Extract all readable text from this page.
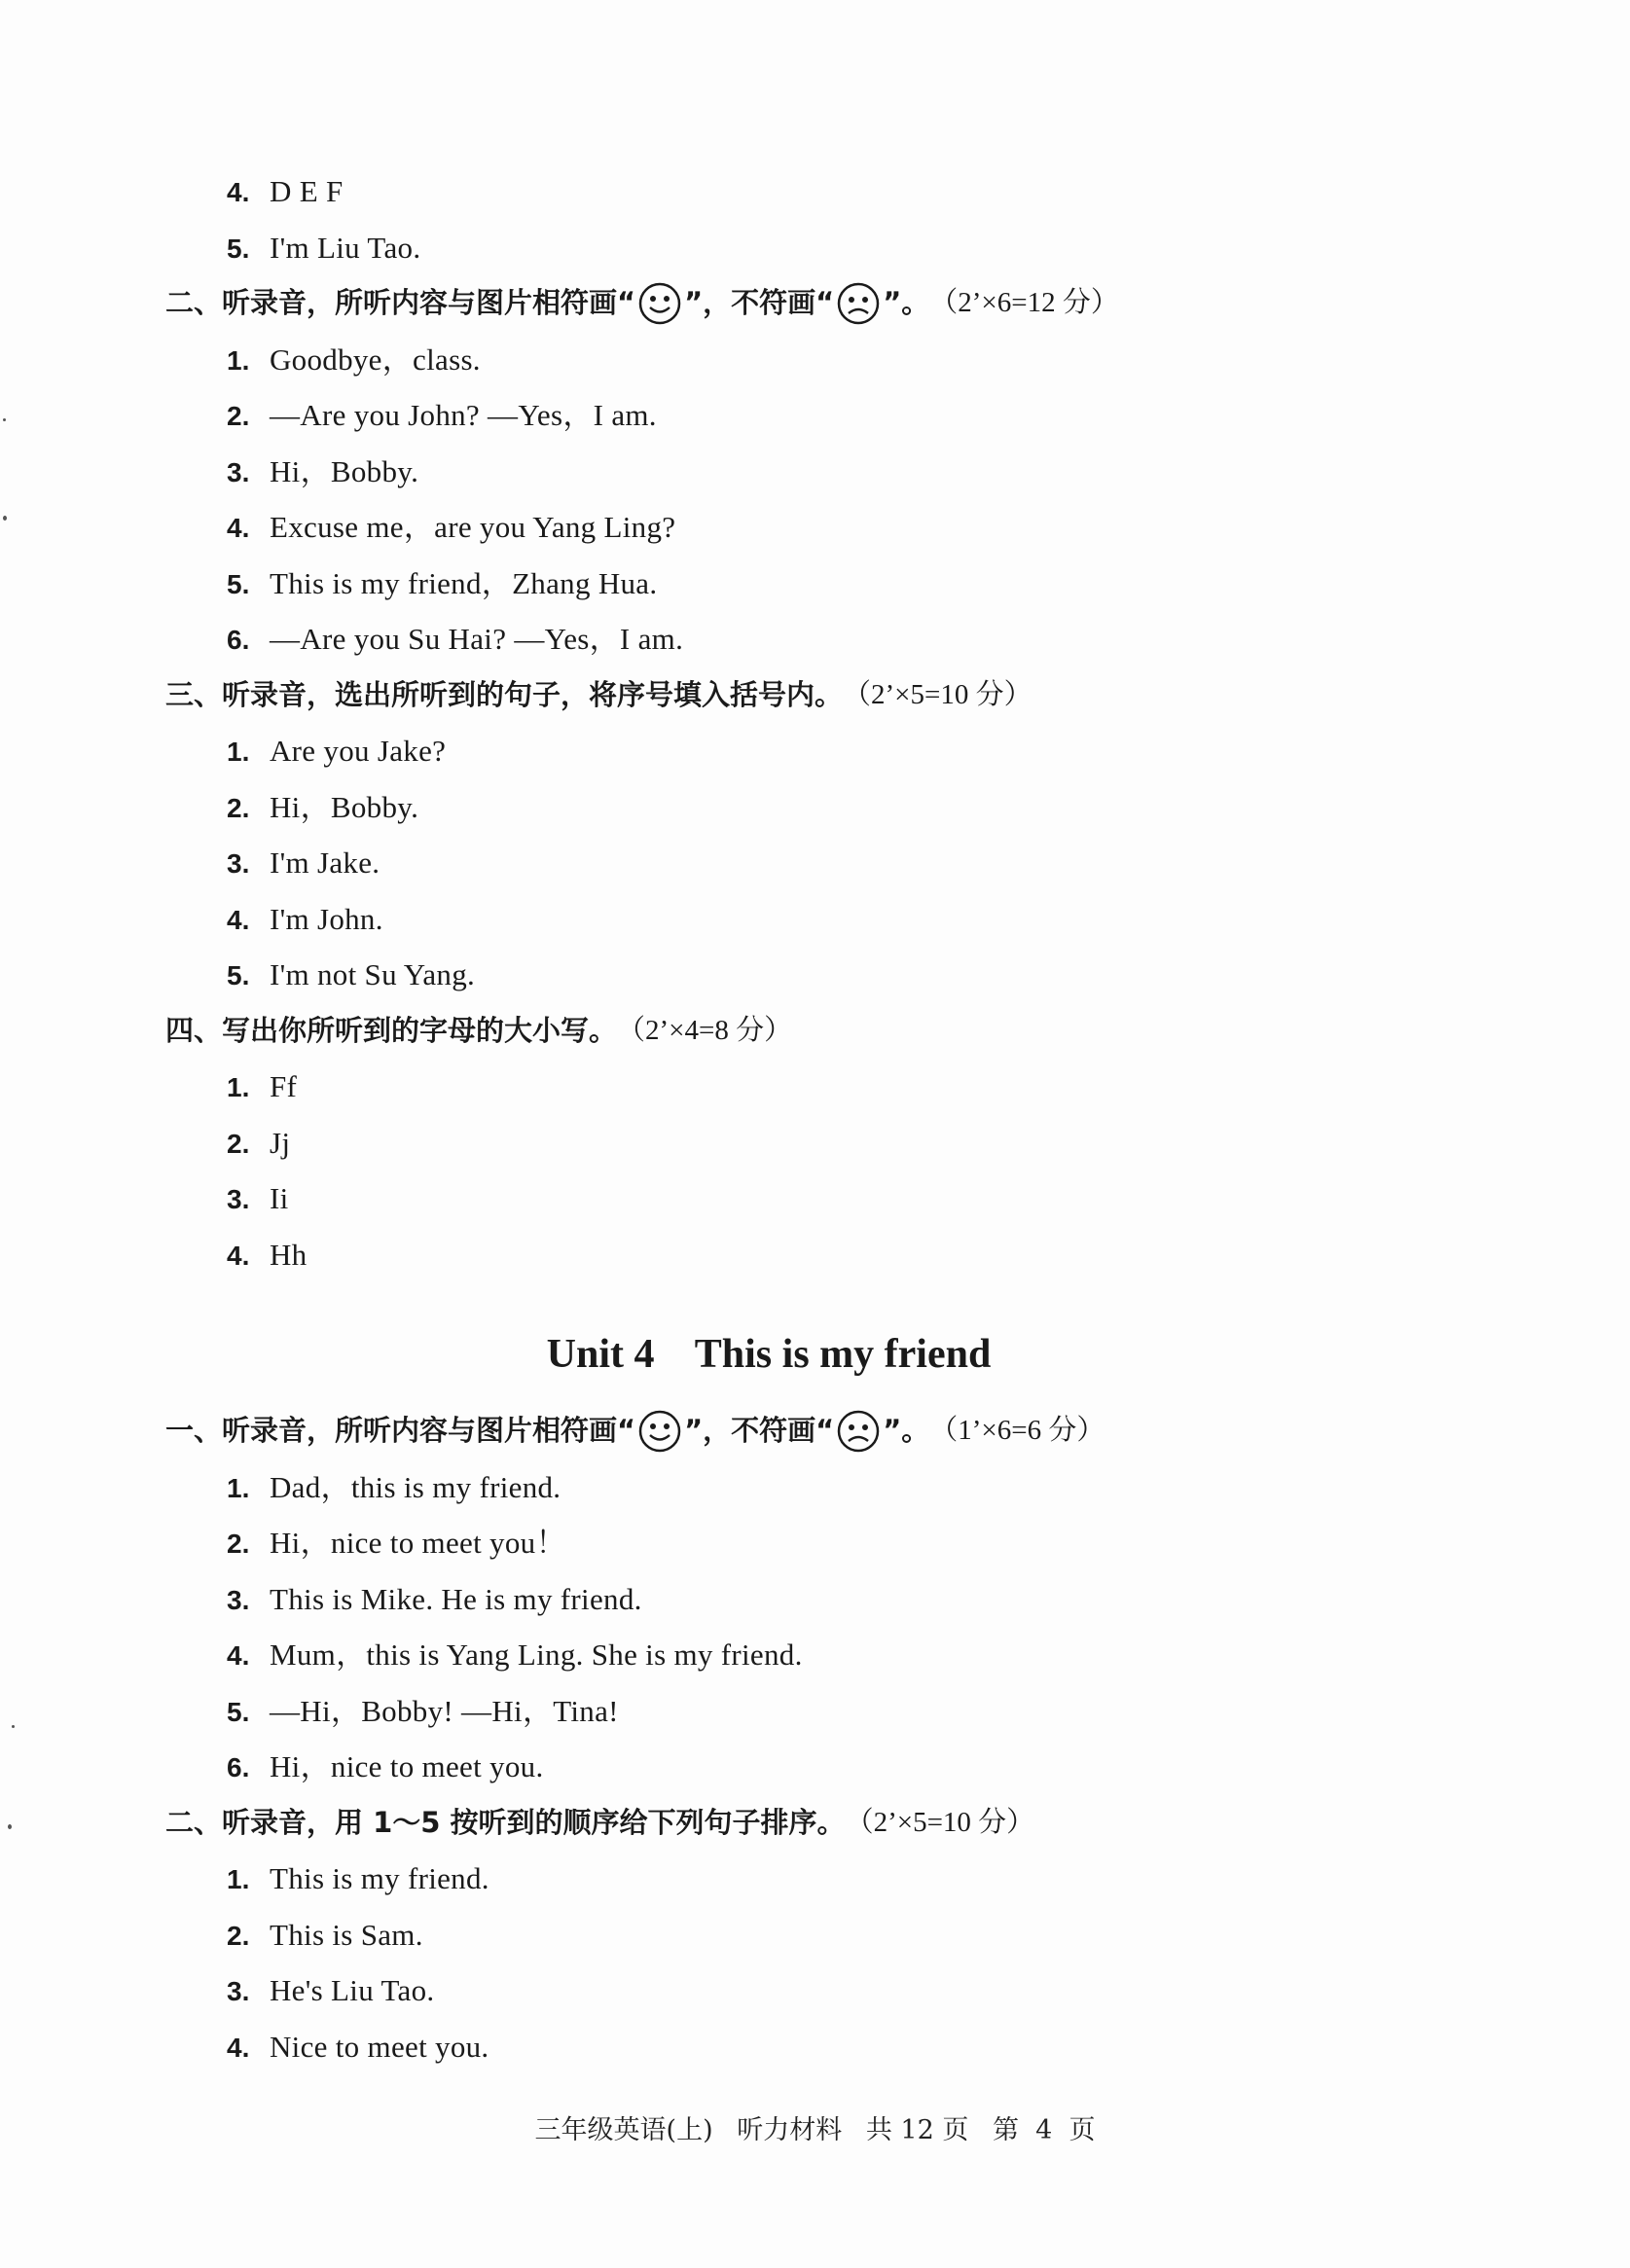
4. D E F
5. I'm Liu Tao.
二、听录音，所听内容与图片相符画“ ”，不符画“ ”。 （2’×6=12 分）
1. Goodbye，class.
2. —Are you John? —Yes，I am.
3. Hi，Bobby.
4. Excuse me，are you Yang Ling?
5. This is my friend，Zhang Hua.
6. —Are you Su Hai? —Yes，I am.
三、听录音，选出所听到的句子，将序号填入括号内。 （2’×5=10 分）
1. Are you Jake?
2. Hi，Bobby.
3. I'm Jake.
4. I'm John.
5. I'm not Su Yang.
四、写出你所听到的字母的大小写。 （2’×4=8 分）
1. Ff
2. Jj
3. Ii
4. Hh
Unit 4    This is my friend
一、听录音，所听内容与图片相符画“ ”，不符画“ ”。 （1’×6=6 分）
1. Dad，this is my friend.
2. Hi，nice to meet you！
3. This is Mike. He is my friend.
4. Mum，this is Yang Ling. She is my friend.
5. —Hi，Bobby! —Hi，Tina!
6. Hi，nice to meet you.
二、听录音，用 1～5 按听到的顺序给下列句子排序。 （2’×5=10 分）
1. This is my friend.
2. This is Sam.
3. He's Liu Tao.
4. Nice to meet you.
三年级英语(上) 听力材料 共 12 页 第  4  页
